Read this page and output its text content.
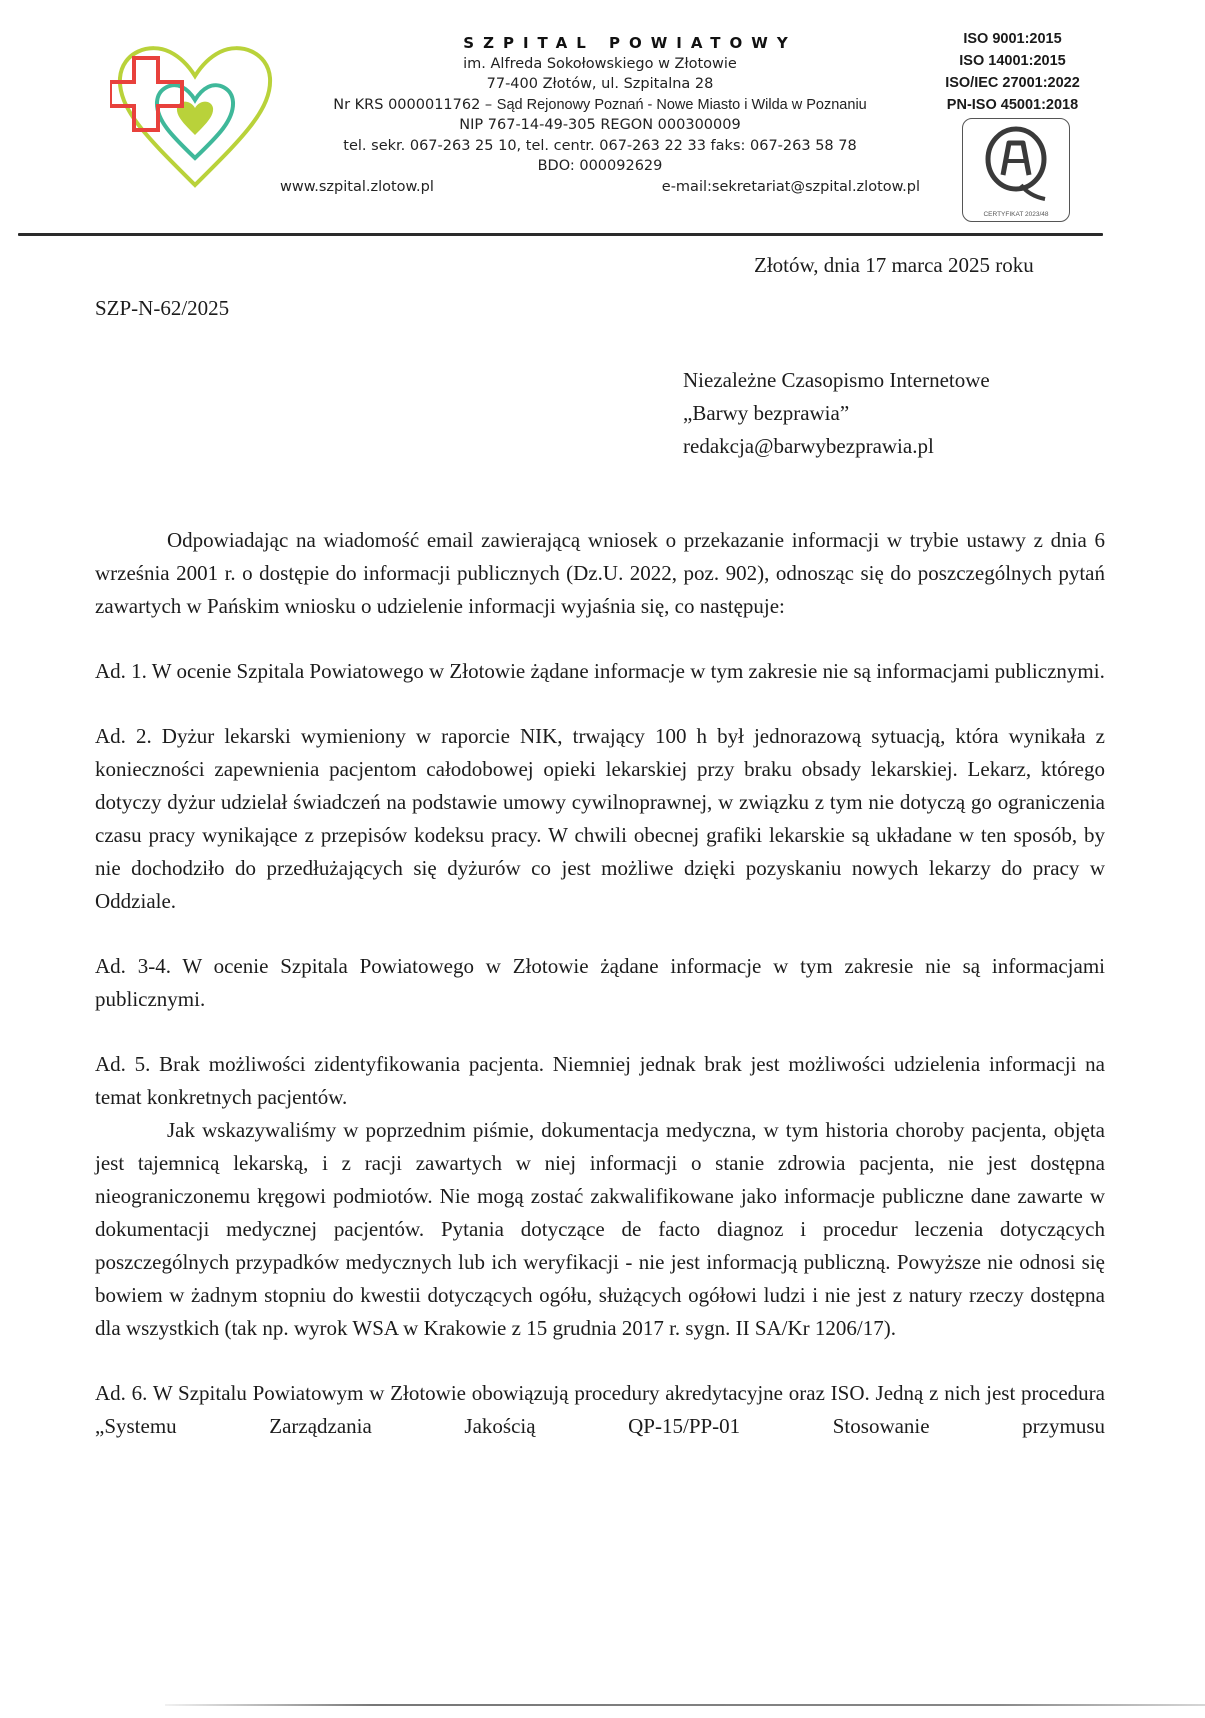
SZPITAL POWIATOWY
im. Alfreda Sokołowskiego w Złotowie
77-400 Złotów, ul. Szpitalna 28
Nr KRS 0000011762 – Sąd Rejonowy Poznań - Nowe Miasto i Wilda w Poznaniu
NIP 767-14-49-305 REGON 000300009
tel. sekr. 067-263 25 10, tel. centr. 067-263 22 33 faks: 067-263 58 78
BDO: 000092629
www.szpital.zlotow.pl	e-mail:sekretariat@szpital.zlotow.pl
ISO 9001:2015
ISO 14001:2015
ISO/IEC 27001:2022
PN-ISO 45001:2018
CERTYFIKAT 2023/48
Złotów, dnia 17 marca 2025 roku
SZP-N-62/2025
Niezależne Czasopismo Internetowe
„Barwy bezprawia”
redakcja@barwybezprawia.pl

Odpowiadając na wiadomość email zawierającą wniosek o przekazanie informacji w trybie ustawy z dnia 6 września 2001 r. o dostępie do informacji publicznych (Dz.U. 2022, poz. 902), odnosząc się do poszczególnych pytań zawartych w Pańskim wniosku o udzielenie informacji wyjaśnia się, co następuje:

Ad. 1. W ocenie Szpitala Powiatowego w Złotowie żądane informacje w tym zakresie nie są informacjami publicznymi.

Ad. 2. Dyżur lekarski wymieniony w raporcie NIK, trwający 100 h był jednorazową sytuacją, która wynikała z konieczności zapewnienia pacjentom całodobowej opieki lekarskiej przy braku obsady lekarskiej. Lekarz, którego dotyczy dyżur udzielał świadczeń na podstawie umowy cywilnoprawnej, w związku z tym nie dotyczą go ograniczenia czasu pracy wynikające z przepisów kodeksu pracy. W chwili obecnej grafiki lekarskie są układane w ten sposób, by nie dochodziło do przedłużających się dyżurów co jest możliwe dzięki pozyskaniu nowych lekarzy do pracy w Oddziale.

Ad. 3-4. W ocenie Szpitala Powiatowego w Złotowie żądane informacje w tym zakresie nie są informacjami publicznymi.

Ad. 5. Brak możliwości zidentyfikowania pacjenta. Niemniej jednak brak jest możliwości udzielenia informacji na temat konkretnych pacjentów.

Jak wskazywaliśmy w poprzednim piśmie, dokumentacja medyczna, w tym historia choroby pacjenta, objęta jest tajemnicą lekarską, i z racji zawartych w niej informacji o stanie zdrowia pacjenta, nie jest dostępna nieograniczonemu kręgowi podmiotów. Nie mogą zostać zakwalifikowane jako informacje publiczne dane zawarte w dokumentacji medycznej pacjentów. Pytania dotyczące de facto diagnoz i procedur leczenia dotyczących poszczególnych przypadków medycznych lub ich weryfikacji - nie jest informacją publiczną. Powyższe nie odnosi się bowiem w żadnym stopniu do kwestii dotyczących ogółu, służących ogółowi ludzi i nie jest z natury rzeczy dostępna dla wszystkich (tak np. wyrok WSA w Krakowie z 15 grudnia 2017 r. sygn. II SA/Kr 1206/17).

Ad. 6. W Szpitalu Powiatowym w Złotowie obowiązują procedury akredytacyjne oraz ISO. Jedną z nich jest procedura „Systemu Zarządzania Jakością QP-15/PP-01 Stosowanie przymusu
